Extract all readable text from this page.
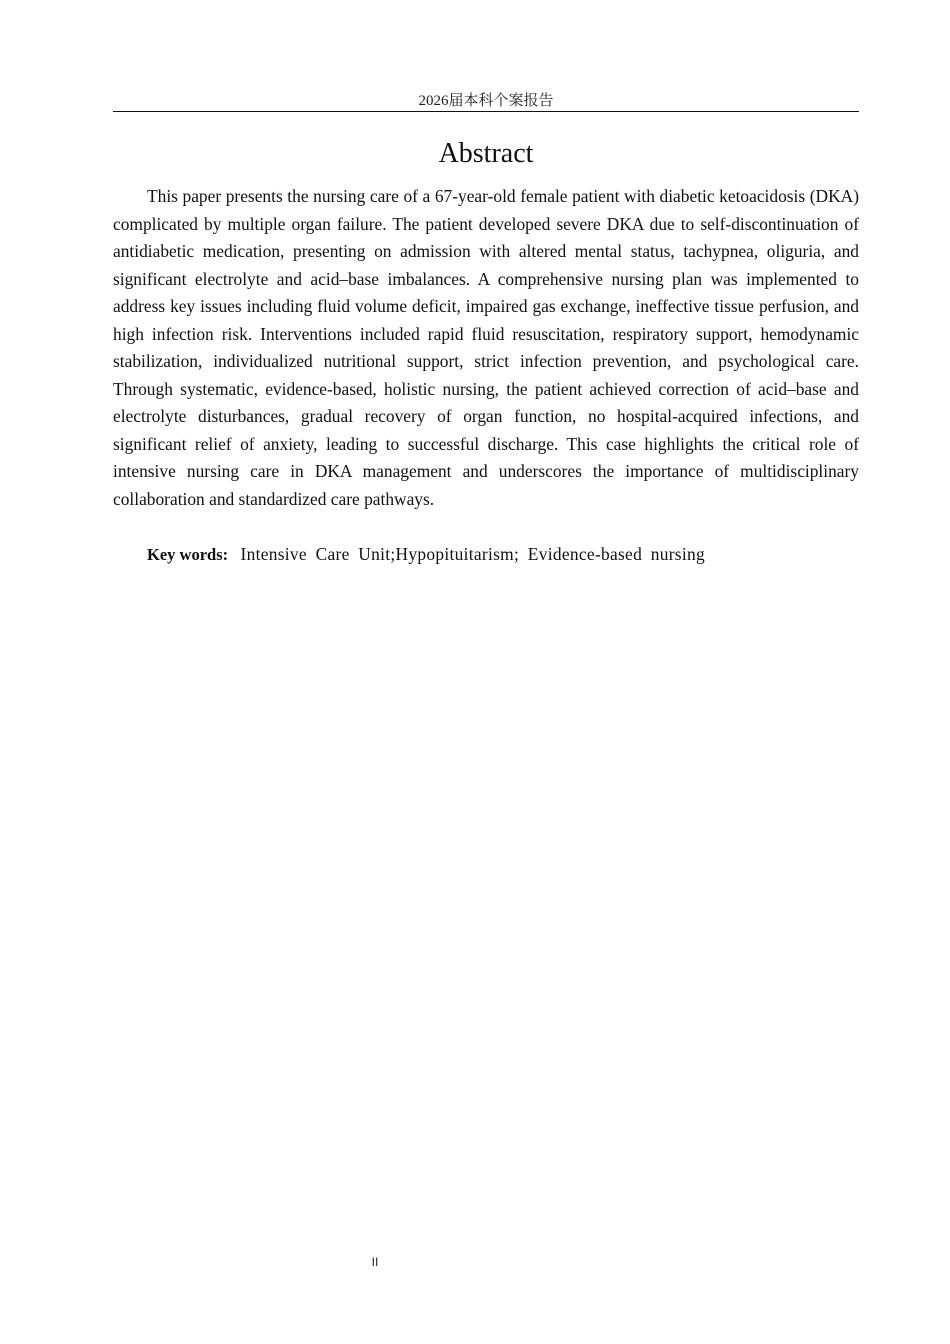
2026届本科个案报告
Abstract

This paper presents the nursing care of a 67-year-old female patient with diabetic ketoacidosis (DKA) complicated by multiple organ failure. The patient developed severe DKA due to self-discontinuation of antidiabetic medication, presenting on admission with altered mental status, tachypnea, oliguria, and significant electrolyte and acid–base imbalances. A comprehensive nursing plan was implemented to address key issues including fluid volume deficit, impaired gas exchange, ineffective tissue perfusion, and high infection risk. Interventions included rapid fluid resuscitation, respiratory support, hemodynamic stabilization, individualized nutritional support, strict infection prevention, and psychological care. Through systematic, evidence-based, holistic nursing, the patient achieved correction of acid–base and electrolyte disturbances, gradual recovery of organ function, no hospital-acquired infections, and significant relief of anxiety, leading to successful discharge. This case highlights the critical role of intensive nursing care in DKA management and underscores the importance of multidisciplinary collaboration and standardized care pathways.

Key words: Intensive Care Unit;Hypopituitarism; Evidence-based nursing

II
